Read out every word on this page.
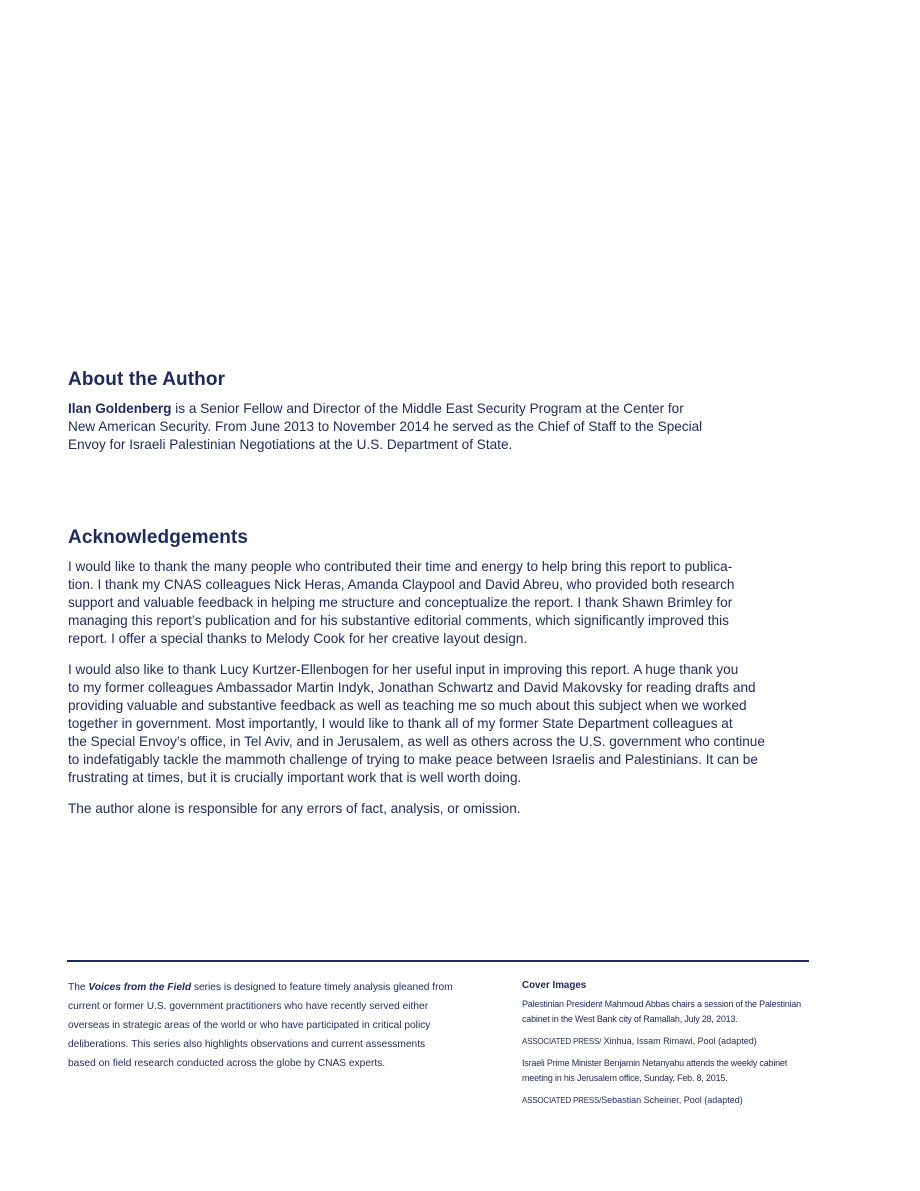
About the Author

Ilan Goldenberg is a Senior Fellow and Director of the Middle East Security Program at the Center for
New American Security. From June 2013 to November 2014 he served as the Chief of Staff to the Special
Envoy for Israeli Palestinian Negotiations at the U.S. Department of State.

Acknowledgements

I would like to thank the many people who contributed their time and energy to help bring this report to publica-
tion. I thank my CNAS colleagues Nick Heras, Amanda Claypool and David Abreu, who provided both research
support and valuable feedback in helping me structure and conceptualize the report. I thank Shawn Brimley for
managing this report’s publication and for his substantive editorial comments, which significantly improved this
report. I offer a special thanks to Melody Cook for her creative layout design.

I would also like to thank Lucy Kurtzer-Ellenbogen for her useful input in improving this report. A huge thank you
to my former colleagues Ambassador Martin Indyk, Jonathan Schwartz and David Makovsky for reading drafts and
providing valuable and substantive feedback as well as teaching me so much about this subject when we worked
together in government. Most importantly, I would like to thank all of my former State Department colleagues at
the Special Envoy’s office, in Tel Aviv, and in Jerusalem, as well as others across the U.S. government who continue
to indefatigably tackle the mammoth challenge of trying to make peace between Israelis and Palestinians. It can be
frustrating at times, but it is crucially important work that is well worth doing.

The author alone is responsible for any errors of fact, analysis, or omission.

The Voices from the Field series is designed to feature timely analysis gleaned from
current or former U.S. government practitioners who have recently served either
overseas in strategic areas of the world or who have participated in critical policy
deliberations. This series also highlights observations and current assessments
based on field research conducted across the globe by CNAS experts.

Cover Images

Palestinian President Mahmoud Abbas chairs a session of the Palestinian
cabinet in the West Bank city of Ramallah, July 28, 2013.

ASSOCIATED PRESS/ Xinhua, Issam Rimawi, Pool (adapted)

Israeli Prime Minister Benjamin Netanyahu attends the weekly cabinet
meeting in his Jerusalem office, Sunday, Feb. 8, 2015.

ASSOCIATED PRESS/Sebastian Scheiner, Pool (adapted)
